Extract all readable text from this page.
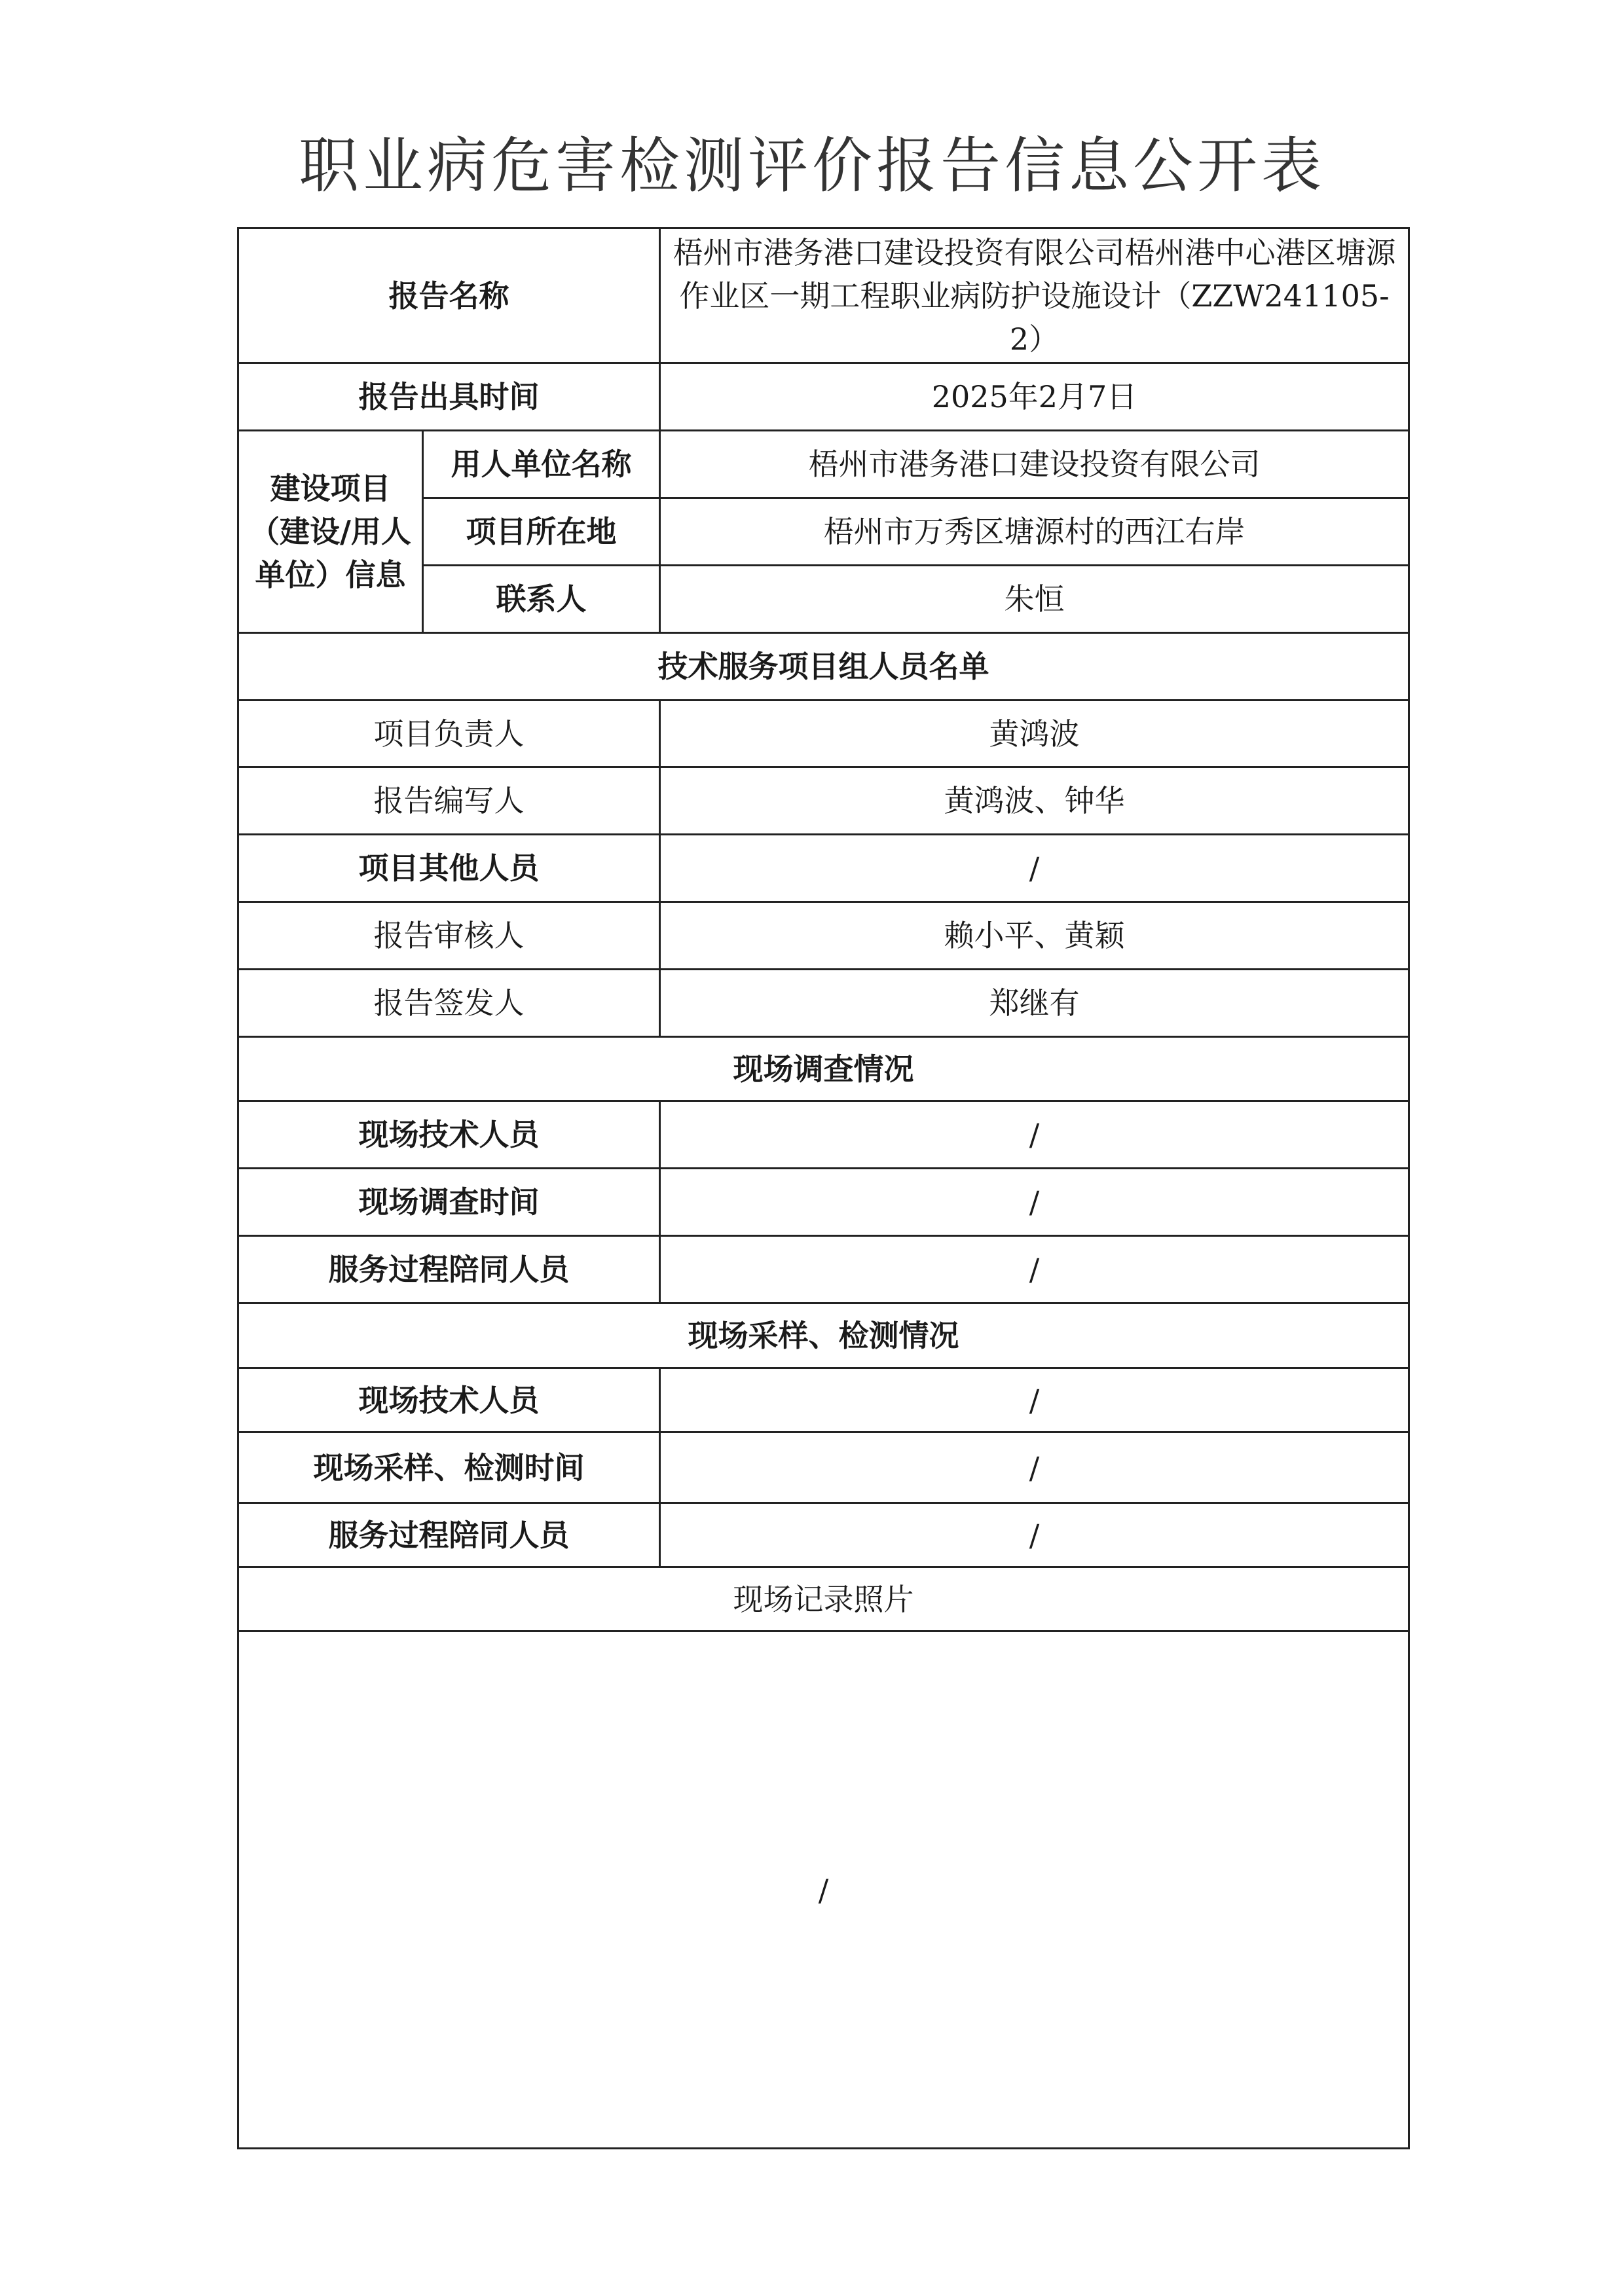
职业病危害检测评价报告信息公开表
报告名称		梧州市港务港口建设投资有限公司梧州港中心港区塘源作业区一期工程职业病防护设施设计（ZZW241105-2）
报告出具时间		2025年2月7日
建设项目（建设/用人单位）信息	用人单位名称	梧州市港务港口建设投资有限公司
	项目所在地	梧州市万秀区塘源村的西江右岸
	联系人	朱恒
技术服务项目组人员名单		
项目负责人		黄鸿波
报告编写人		黄鸿波、钟华
项目其他人员		/
报告审核人		赖小平、黄颖
报告签发人		郑继有
现场调查情况		
现场技术人员		/
现场调查时间		/
服务过程陪同人员		/
现场采样、检测情况		
现场技术人员		/
现场采样、检测时间		/
服务过程陪同人员		/
现场记录照片		
/		
